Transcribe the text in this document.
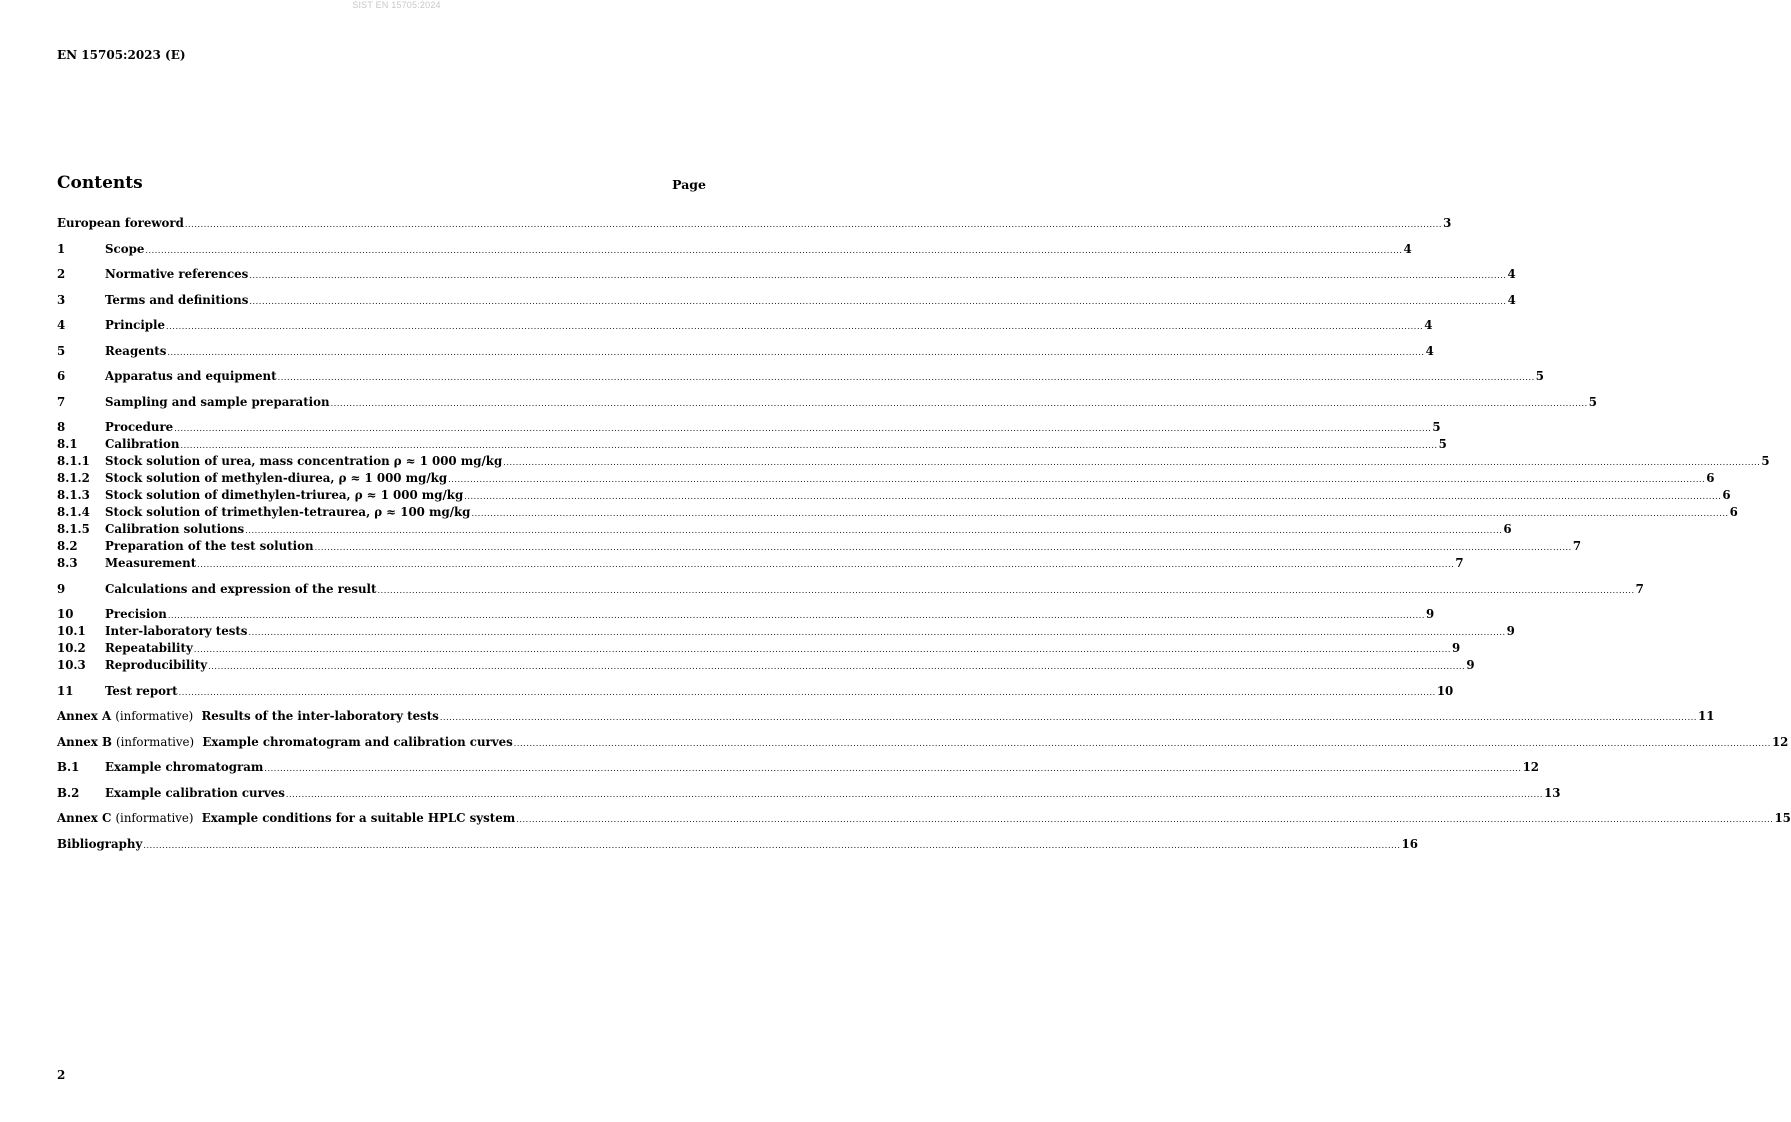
SIST EN 15705:2024
EN 15705:2023 (E)
Contents	Page
European foreword ................................................................................................................................................................................................................................................................................................................................................................................................................ 3
1	Scope ................................................................................................................................................................................................................................................................................................................................................................................................................ 4
2	Normative references ................................................................................................................................................................................................................................................................................................................................................................................................................ 4
3	Terms and definitions ................................................................................................................................................................................................................................................................................................................................................................................................................ 4
4	Principle ................................................................................................................................................................................................................................................................................................................................................................................................................ 4
5	Reagents ................................................................................................................................................................................................................................................................................................................................................................................................................ 4
6	Apparatus and equipment ................................................................................................................................................................................................................................................................................................................................................................................................................ 5
7	Sampling and sample preparation ................................................................................................................................................................................................................................................................................................................................................................................................................ 5
8	Procedure ................................................................................................................................................................................................................................................................................................................................................................................................................ 5
8.1	Calibration ................................................................................................................................................................................................................................................................................................................................................................................................................ 5
8.1.1	Stock solution of urea, mass concentration ρ ≈ 1 000 mg/kg ................................................................................................................................................................................................................................................................................................................................................................................................................ 5
8.1.2	Stock solution of methylen-diurea, ρ ≈ 1 000 mg/kg ................................................................................................................................................................................................................................................................................................................................................................................................................ 6
8.1.3	Stock solution of dimethylen-triurea, ρ ≈ 1 000 mg/kg ................................................................................................................................................................................................................................................................................................................................................................................................................ 6
8.1.4	Stock solution of trimethylen-tetraurea, ρ ≈ 100 mg/kg ................................................................................................................................................................................................................................................................................................................................................................................................................ 6
8.1.5	Calibration solutions ................................................................................................................................................................................................................................................................................................................................................................................................................ 6
8.2	Preparation of the test solution ................................................................................................................................................................................................................................................................................................................................................................................................................ 7
8.3	Measurement ................................................................................................................................................................................................................................................................................................................................................................................................................ 7
9	Calculations and expression of the result ................................................................................................................................................................................................................................................................................................................................................................................................................ 7
10	Precision ................................................................................................................................................................................................................................................................................................................................................................................................................ 9
10.1	Inter-laboratory tests ................................................................................................................................................................................................................................................................................................................................................................................................................ 9
10.2	Repeatability ................................................................................................................................................................................................................................................................................................................................................................................................................ 9
10.3	Reproducibility ................................................................................................................................................................................................................................................................................................................................................................................................................ 9
11	Test report ................................................................................................................................................................................................................................................................................................................................................................................................................ 10
Annex A (informative) Results of the inter-laboratory tests ................................................................................................................................................................................................................................................................................................................................................................................................................ 11
Annex B (informative) Example chromatogram and calibration curves ................................................................................................................................................................................................................................................................................................................................................................................................................ 12
B.1	Example chromatogram ................................................................................................................................................................................................................................................................................................................................................................................................................ 12
B.2	Example calibration curves ................................................................................................................................................................................................................................................................................................................................................................................................................ 13
Annex C (informative) Example conditions for a suitable HPLC system ................................................................................................................................................................................................................................................................................................................................................................................................................ 15
Bibliography ................................................................................................................................................................................................................................................................................................................................................................................................................ 16
2
